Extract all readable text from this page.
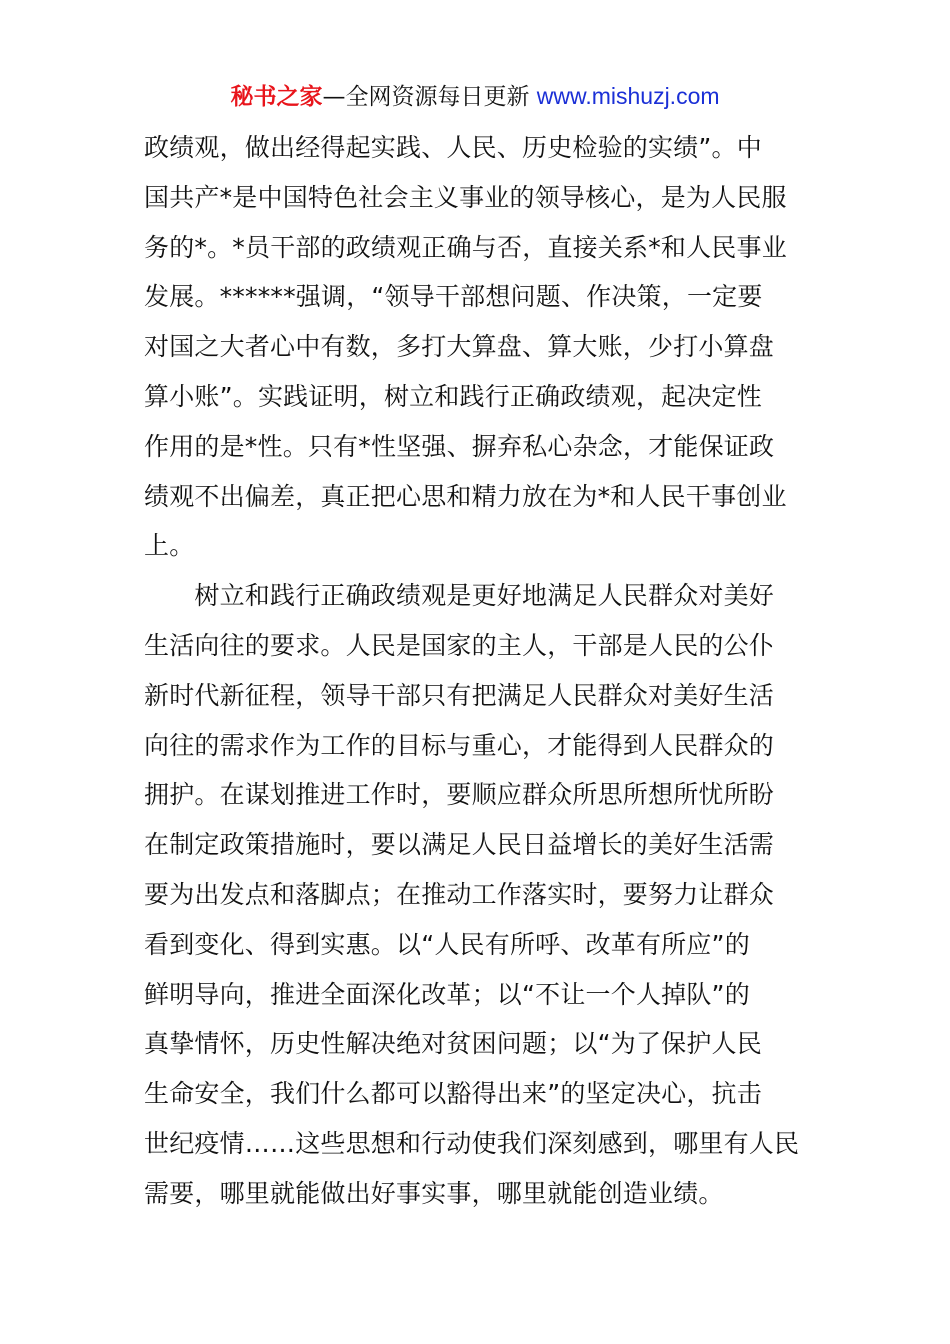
秘书之家—全网资源每日更新 www.mishuzj.com
政绩观，做出经得起实践、人民、历史检验的实绩”。中
国共产*是中国特色社会主义事业的领导核心，是为人民服
务的*。*员干部的政绩观正确与否，直接关系*和人民事业
发展。******强调，“领导干部想问题、作决策，一定要
对国之大者心中有数，多打大算盘、算大账，少打小算盘
算小账”。实践证明，树立和践行正确政绩观，起决定性
作用的是*性。只有*性坚强、摒弃私心杂念，才能保证政
绩观不出偏差，真正把心思和精力放在为*和人民干事创业
上。
　　树立和践行正确政绩观是更好地满足人民群众对美好
生活向往的要求。人民是国家的主人，干部是人民的公仆
新时代新征程，领导干部只有把满足人民群众对美好生活
向往的需求作为工作的目标与重心，才能得到人民群众的
拥护。在谋划推进工作时，要顺应群众所思所想所忧所盼
在制定政策措施时，要以满足人民日益增长的美好生活需
要为出发点和落脚点；在推动工作落实时，要努力让群众
看到变化、得到实惠。以“人民有所呼、改革有所应”的
鲜明导向，推进全面深化改革；以“不让一个人掉队”的
真挚情怀，历史性解决绝对贫困问题；以“为了保护人民
生命安全，我们什么都可以豁得出来”的坚定决心，抗击
世纪疫情……这些思想和行动使我们深刻感到，哪里有人民
需要，哪里就能做出好事实事，哪里就能创造业绩。
